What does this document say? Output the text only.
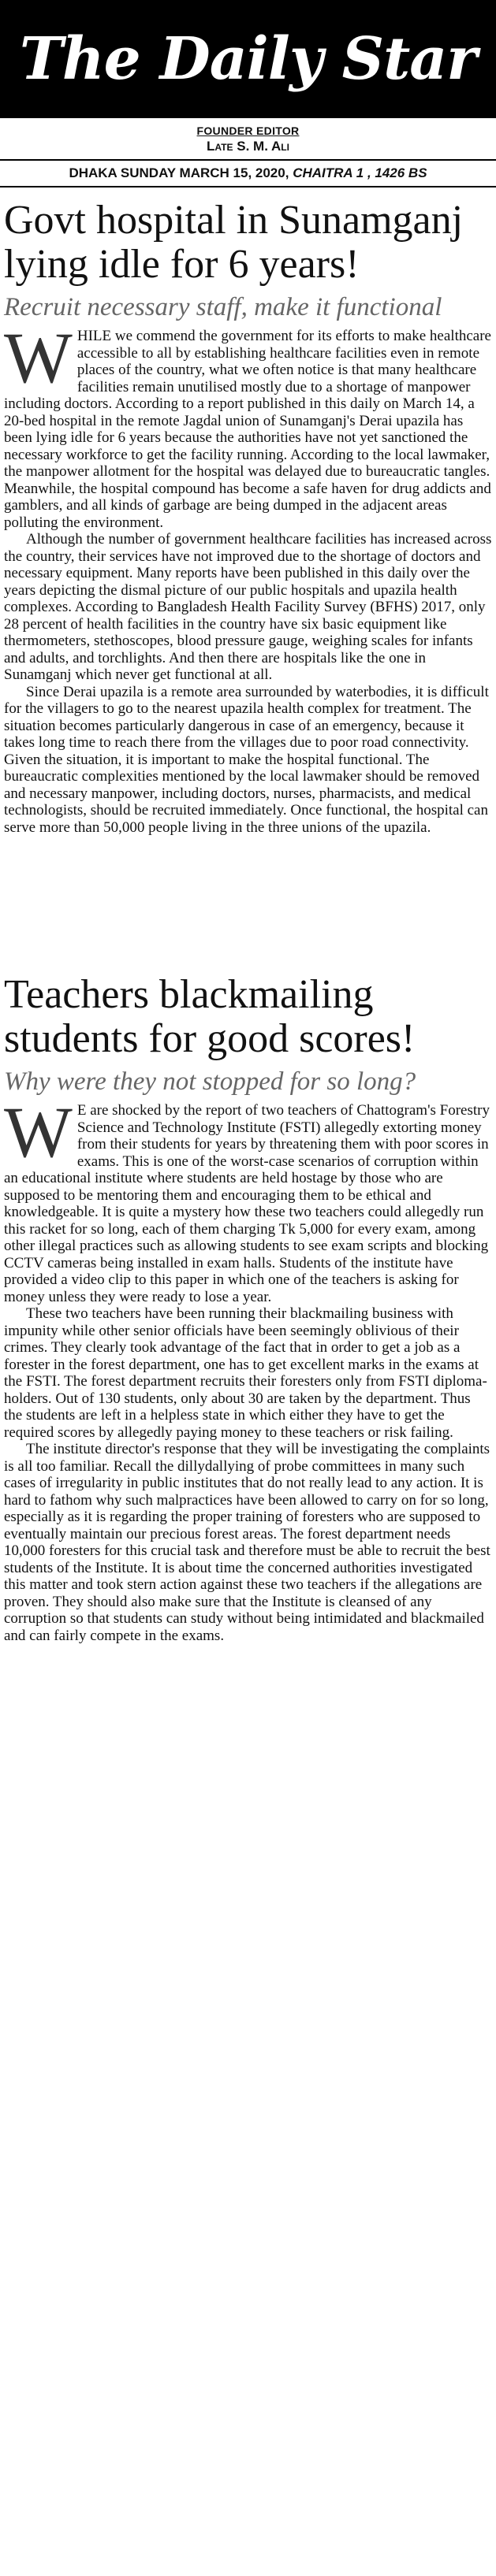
The Daily Star
FOUNDER EDITOR
Late S. M. Ali
DHAKA SUNDAY MARCH 15, 2020, CHAITRA 1 , 1426 BS
Govt hospital in Sunamganj lying idle for 6 years!
Recruit necessary staff, make it functional

WHILE we commend the government for its efforts to make healthcare accessible to all by establishing healthcare facilities even in remote places of the country, what we often notice is that many healthcare facilities remain unutilised mostly due to a shortage of manpower including doctors. According to a report published in this daily on March 14, a 20-bed hospital in the remote Jagdal union of Sunamganj's Derai upazila has been lying idle for 6 years because the authorities have not yet sanctioned the necessary workforce to get the facility running. According to the local lawmaker, the manpower allotment for the hospital was delayed due to bureaucratic tangles. Meanwhile, the hospital compound has become a safe haven for drug addicts and gamblers, and all kinds of garbage are being dumped in the adjacent areas polluting the environment.

Although the number of government healthcare facilities has increased across the country, their services have not improved due to the shortage of doctors and necessary equipment. Many reports have been published in this daily over the years depicting the dismal picture of our public hospitals and upazila health complexes. According to Bangladesh Health Facility Survey (BFHS) 2017, only 28 percent of health facilities in the country have six basic equipment like thermometers, stethoscopes, blood pressure gauge, weighing scales for infants and adults, and torchlights. And then there are hospitals like the one in Sunamganj which never get functional at all.

Since Derai upazila is a remote area surrounded by waterbodies, it is difficult for the villagers to go to the nearest upazila health complex for treatment. The situation becomes particularly dangerous in case of an emergency, because it takes long time to reach there from the villages due to poor road connectivity. Given the situation, it is important to make the hospital functional. The bureaucratic complexities mentioned by the local lawmaker should be removed and necessary manpower, including doctors, nurses, pharmacists, and medical technologists, should be recruited immediately. Once functional, the hospital can serve more than 50,000 people living in the three unions of the upazila.

Teachers blackmailing students for good scores!
Why were they not stopped for so long?

W E are shocked by the report of two teachers of Chattogram's Forestry Science and Technology Institute (FSTI) allegedly extorting money from their students for years by threatening them with poor scores in exams. This is one of the worst-case scenarios of corruption within an educational institute where students are held hostage by those who are supposed to be mentoring them and encouraging them to be ethical and knowledgeable. It is quite a mystery how these two teachers could allegedly run this racket for so long, each of them charging Tk 5,000 for every exam, among other illegal practices such as allowing students to see exam scripts and blocking CCTV cameras being installed in exam halls. Students of the institute have provided a video clip to this paper in which one of the teachers is asking for money unless they were ready to lose a year.

These two teachers have been running their blackmailing business with impunity while other senior officials have been seemingly oblivious of their crimes. They clearly took advantage of the fact that in order to get a job as a forester in the forest department, one has to get excellent marks in the exams at the FSTI. The forest department recruits their foresters only from FSTI diploma-holders. Out of 130 students, only about 30 are taken by the department. Thus the students are left in a helpless state in which either they have to get the required scores by allegedly paying money to these teachers or risk failing.

The institute director's response that they will be investigating the complaints is all too familiar. Recall the dillydallying of probe committees in many such cases of irregularity in public institutes that do not really lead to any action. It is hard to fathom why such malpractices have been allowed to carry on for so long, especially as it is regarding the proper training of foresters who are supposed to eventually maintain our precious forest areas. The forest department needs 10,000 foresters for this crucial task and therefore must be able to recruit the best students of the Institute. It is about time the concerned authorities investigated this matter and took stern action against these two teachers if the allegations are proven. They should also make sure that the Institute is cleansed of any corruption so that students can study without being intimidated and blackmailed and can fairly compete in the exams.
